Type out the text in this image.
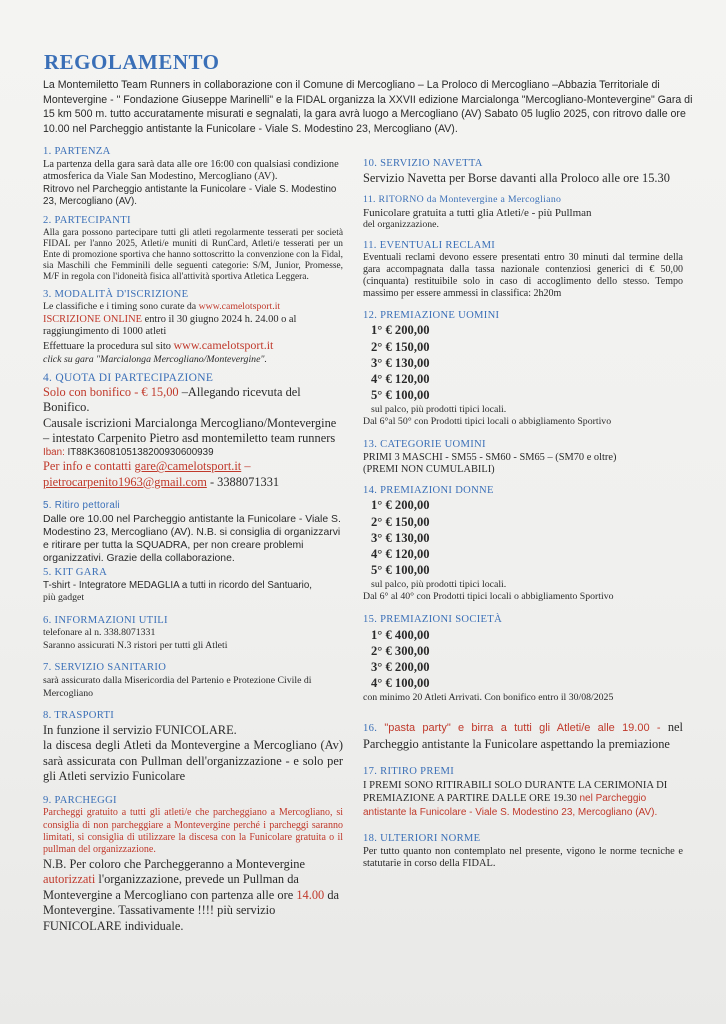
REGOLAMENTO
La Montemiletto Team Runners in collaborazione con il Comune di Mercogliano – La Proloco di Mercogliano –Abbazia Territoriale di Montevergine - " Fondazione Giuseppe Marinelli" e la FIDAL organizza la XXVII edizione Marcialonga "Mercogliano-Montevergine" Gara di 15 km 500 m. tutto accuratamente misurati e segnalati, la gara avrà luogo a Mercogliano (AV) Sabato 05 luglio 2025, con ritrovo dalle ore 10.00 nel Parcheggio antistante la Funicolare - Viale S. Modestino 23, Mercogliano (AV).
1. PARTENZA

La partenza della gara sarà data alle ore 16:00 con qualsiasi condizione atmosferica da Viale San Modestino, Mercogliano (AV).

Ritrovo nel Parcheggio antistante la Funicolare - Viale S. Modestino 23, Mercogliano (AV).

2. PARTECIPANTI

Alla gara possono partecipare tutti gli atleti regolarmente tesserati per società FIDAL per l'anno 2025, Atleti/e muniti di RunCard, Atleti/e tesserati per un Ente di promozione sportiva che hanno sottoscritto la convenzione con la Fidal, sia Maschili che Femminili delle seguenti categorie: S/M, Junior, Promesse, M/F in regola con l'idoneità fisica all'attività sportiva Atletica Leggera.

3. MODALITÀ D'ISCRIZIONE

Le classifiche e i timing sono curate da www.camelotsport.it

ISCRIZIONE ONLINE entro il 30 giugno 2024 h. 24.00 o al raggiungimento di 1000 atleti

Effettuare la procedura sul sito www.camelotsport.it

click su gara "Marcialonga Mercogliano/Montevergine".

4. QUOTA DI PARTECIPAZIONE

Solo con bonifico - € 15,00 –Allegando ricevuta del Bonifico.

Causale iscrizioni Marcialonga Mercogliano/Montevergine – intestato Carpenito Pietro asd montemiletto team runners

Iban: IT88K3608105138200930600939

Per info e contatti gare@camelotsport.it – pietrocarpenito1963@gmail.com - 3388071331

5. Ritiro pettorali

Dalle ore 10.00 nel Parcheggio antistante la Funicolare - Viale S. Modestino 23, Mercogliano (AV). N.B. si consiglia di organizzarvi e ritirare per tutta la SQUADRA, per non creare problemi organizzativi. Grazie della collaborazione.

5. KIT GARA

T-shirt - Integratore MEDAGLIA a tutti in ricordo del Santuario,

più gadget

6. INFORMAZIONI UTILI

telefonare al n. 338.8071331

Saranno assicurati N.3 ristori per tutti gli Atleti

7. SERVIZIO SANITARIO

sarà assicurato dalla Misericordia del Partenio e Protezione Civile di Mercogliano

8. TRASPORTI

In funzione il servizio FUNICOLARE.

la discesa degli Atleti da Montevergine a Mercogliano (Av) sarà assicurata con Pullman dell'organizzazione - e solo per gli Atleti servizio Funicolare

9. PARCHEGGI

Parcheggi gratuito a tutti gli atleti/e che parcheggiano a Mercogliano, si consiglia di non parcheggiare a Montevergine perché i parcheggi saranno limitati, si consiglia di utilizzare la discesa con la Funicolare gratuita o il pullman del organizzazione.

N.B. Per coloro che Parcheggeranno a Montevergine autorizzati l'organizzazione, prevede un Pullman da Montevergine a Mercogliano con partenza alle ore 14.00 da Montevergine. Tassativamente !!!! più servizio FUNICOLARE individuale.

10. SERVIZIO NAVETTA

Servizio Navetta per Borse davanti alla Proloco alle ore 15.30

11. RITORNO da Montevergine a Mercogliano

Funicolare gratuita a tutti glia Atleti/e - più Pullman

del organizzazione.

11. EVENTUALI RECLAMI

Eventuali reclami devono essere presentati entro 30 minuti dal termine della gara accompagnata dalla tassa nazionale contenziosi generici di € 50,00 (cinquanta) restituibile solo in caso di accoglimento dello stesso. Tempo massimo per essere ammessi in classifica: 2h20m

12. PREMIAZIONE UOMINI
1° € 200,00
2° € 150,00
3° € 130,00
4° € 120,00
5° € 100,00

sul palco, più prodotti tipici locali.

Dal 6°al 50° con Prodotti tipici locali o abbigliamento Sportivo

13. CATEGORIE UOMINI

PRIMI 3 MASCHI - SM55 - SM60 - SM65 – (SM70 e oltre)

(PREMI NON CUMULABILI)

14. PREMIAZIONI DONNE
1° € 200,00
2° € 150,00
3° € 130,00
4° € 120,00
5° € 100,00

sul palco, più prodotti tipici locali.

Dal 6° al 40° con Prodotti tipici locali o abbigliamento Sportivo

15. PREMIAZIONI SOCIETÀ
1° € 400,00
2° € 300,00
3° € 200,00
4° € 100,00

con minimo 20 Atleti Arrivati. Con bonifico entro il 30/08/2025

16. "pasta party" e birra a tutti gli Atleti/e alle 19.00 - nel Parcheggio antistante la Funicolare aspettando la premiazione

17. RITIRO PREMI

I PREMI SONO RITIRABILI SOLO DURANTE LA CERIMONIA DI PREMIAZIONE A PARTIRE DALLE ORE 19.30 nel Parcheggio antistante la Funicolare - Viale S. Modestino 23, Mercogliano (AV).

18. ULTERIORI NORME

Per tutto quanto non contemplato nel presente, vigono le norme tecniche e statutarie in corso della FIDAL.
